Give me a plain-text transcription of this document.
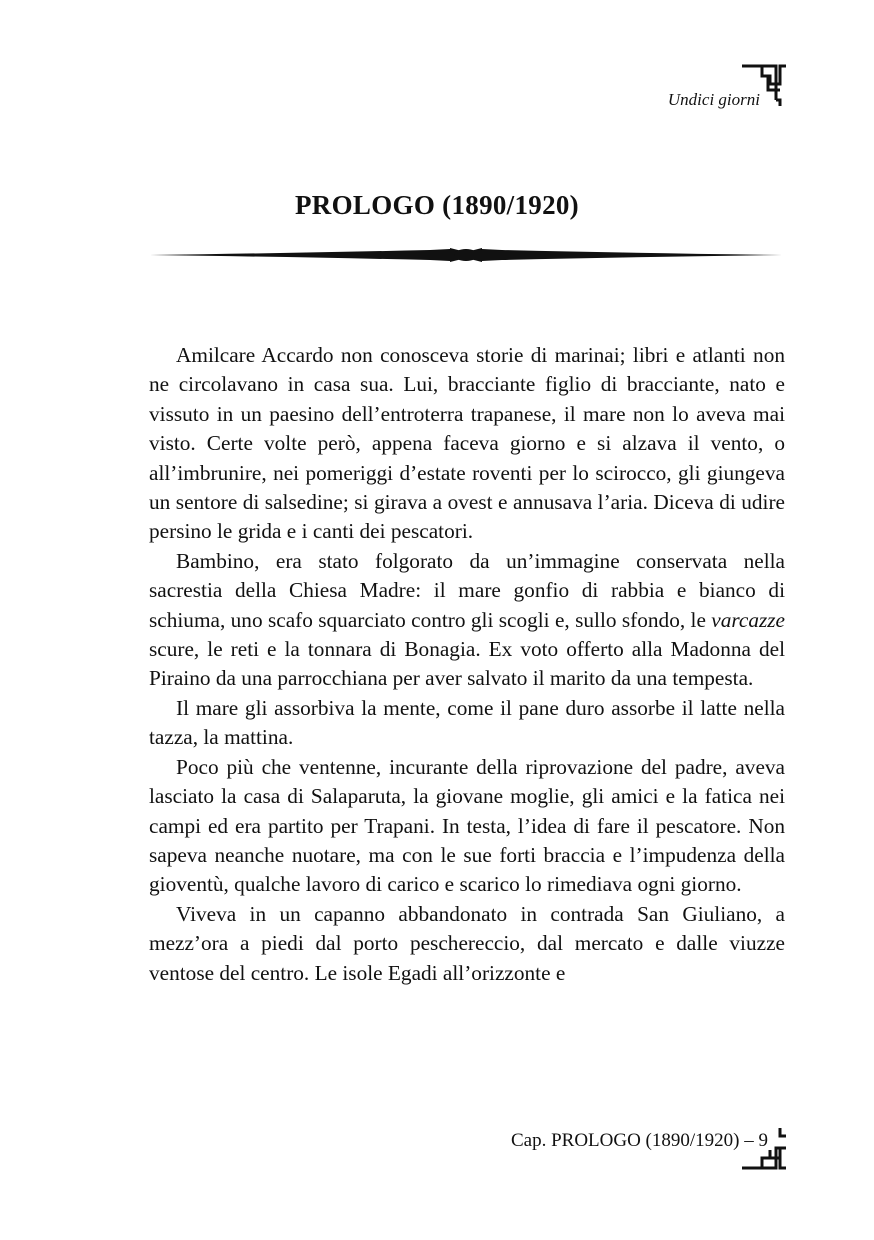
Undici giorni
PROLOGO (1890/1920)

Amilcare Accardo non conosceva storie di marinai; libri e atlanti non ne circolavano in casa sua. Lui, bracciante figlio di bracciante, nato e vissuto in un paesino dell’entroterra trapanese, il mare non lo aveva mai visto. Certe volte però, appena faceva giorno e si alzava il vento, o all’imbrunire, nei pomeriggi d’estate roventi per lo scirocco, gli giungeva un sentore di salsedine; si girava a ovest e annusava l’aria. Diceva di udire persino le grida e i canti dei pescatori.

Bambino, era stato folgorato da un’immagine conservata nella sacrestia della Chiesa Madre: il mare gonfio di rabbia e bianco di schiuma, uno scafo squarciato contro gli scogli e, sullo sfondo, le varcazze scure, le reti e la tonnara di Bonagia. Ex voto offerto alla Madonna del Piraino da una parrocchiana per aver salvato il marito da una tempesta.

Il mare gli assorbiva la mente, come il pane duro assorbe il latte nella tazza, la mattina.

Poco più che ventenne, incurante della riprovazione del padre, aveva lasciato la casa di Salaparuta, la giovane moglie, gli amici e la fatica nei campi ed era partito per Trapani. In testa, l’idea di fare il pescatore. Non sapeva neanche nuotare, ma con le sue forti braccia e l’impudenza della gioventù, qualche lavoro di carico e scarico lo rimediava ogni giorno.

Viveva in un capanno abbandonato in contrada San Giuliano, a mezz’ora a piedi dal porto peschereccio, dal mercato e dalle viuzze ventose del centro. Le isole Egadi all’orizzonte e

Cap. PROLOGO (1890/1920) – 9
